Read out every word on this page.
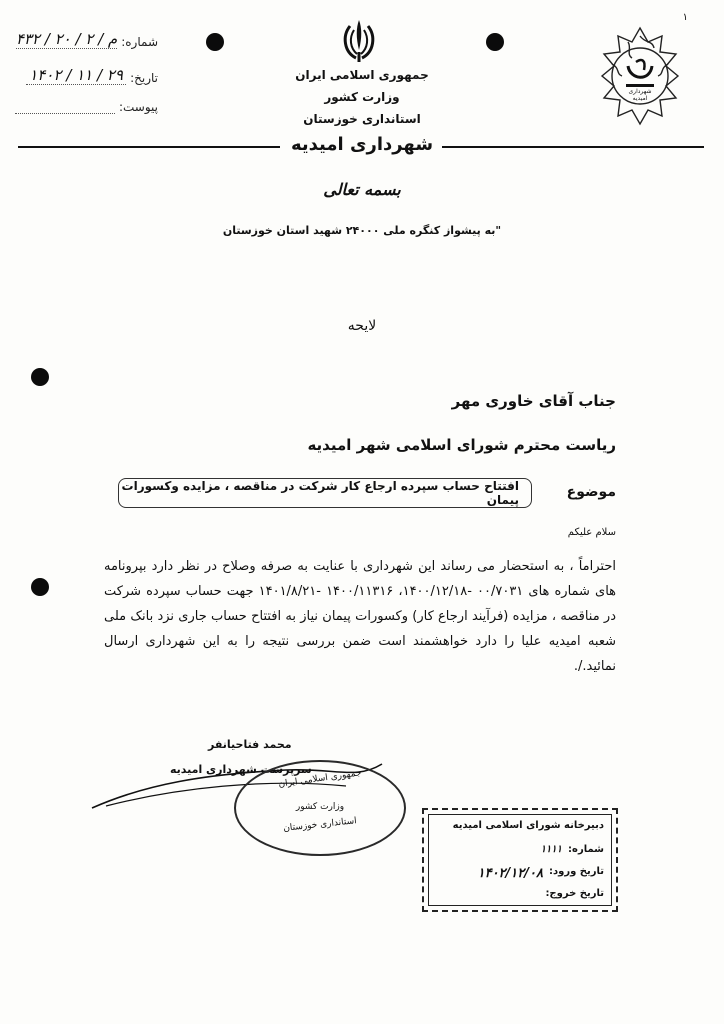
۴۳۲ / ۲۰ / ۲ / م شماره:
۱۴۰۲ / ۱۱ / ۲۹ تاریخ:
پیوست:
جمهوری اسلامی ایران
وزارت کشور
استانداری خوزستان
شهرداری امیدیه
شهرداری امیدیه
۱
بسمه تعالی
"به پیشواز کنگره ملی ۲۴۰۰۰ شهید استان خوزستان
لایحه
جناب آقای خاوری مهر
ریاست محترم شورای اسلامی شهر امیدیه
موضوع
افتتاح حساب سپرده ارجاع کار شرکت در مناقصه ، مزایده وکسورات پیمان
سلام علیکم
احتراماً ، به استحضار می رساند این شهرداری با عنایت به صرفه وصلاح در نظر دارد بپرونامه های شماره های ۰۰/۷۰۳۱ -۱۴۰۰/۱۲/۱۸، ۱۴۰۰/۱۱۳۱۶ -۱۴۰۱/۸/۲۱ جهت حساب سپرده شرکت در مناقصه ، مزایده (فرآیند ارجاع کار) وکسورات پیمان نیاز به افتتاح حساب جاری نزد بانک ملی شعبه امیدیه علیا را دارد خواهشمند است ضمن بررسی نتیجه را به این شهرداری ارسال نمائید./.
محمد فتاحیانفر
سرپرست شهرداری امیدیه
جمهوری اسلامی ایران
وزارت کشور
استانداری خوزستان	دبیرخانه شورای اسلامی امیدیه
شماره:
۱۱۱۱
تاریخ ورود:
۱۴۰۲/۱۲/۰۸
تاریخ خروج:
